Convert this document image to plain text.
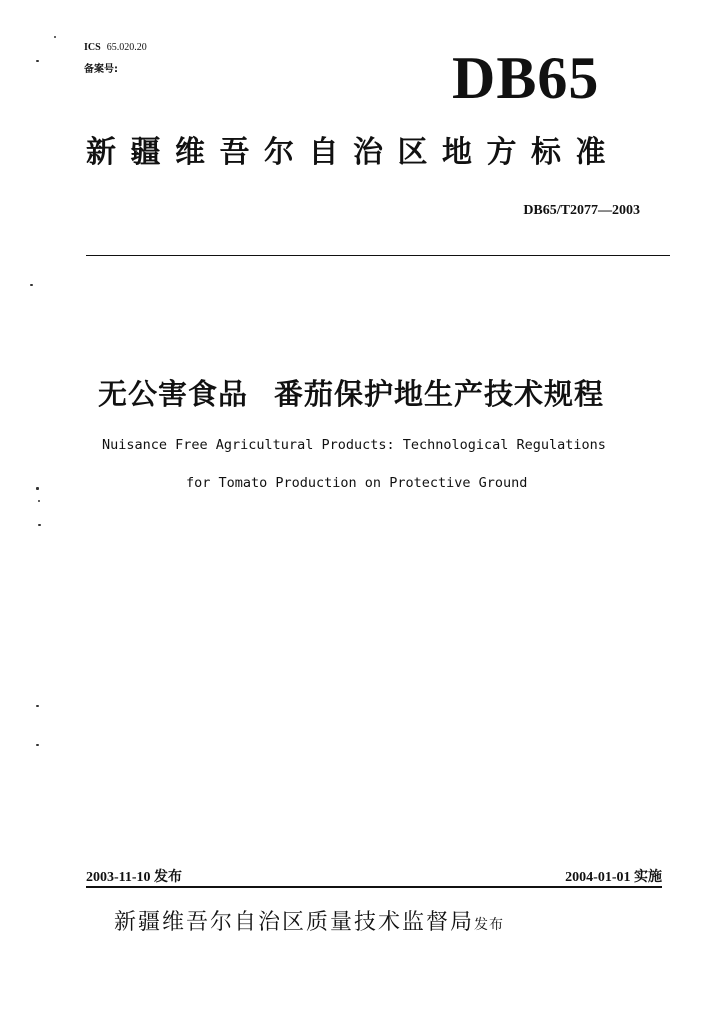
ICS 65.020.20
备案号:	DB65
新疆维吾尔自治区地方标准
DB65/T2077—2003
无公害食品 番茄保护地生产技术规程
Nuisance Free Agricultural Products: Technological Regulations
for Tomato Production on Protective Ground
2003-11-10 发布	2004-01-01 实施
新疆维吾尔自治区质量技术监督局发布
